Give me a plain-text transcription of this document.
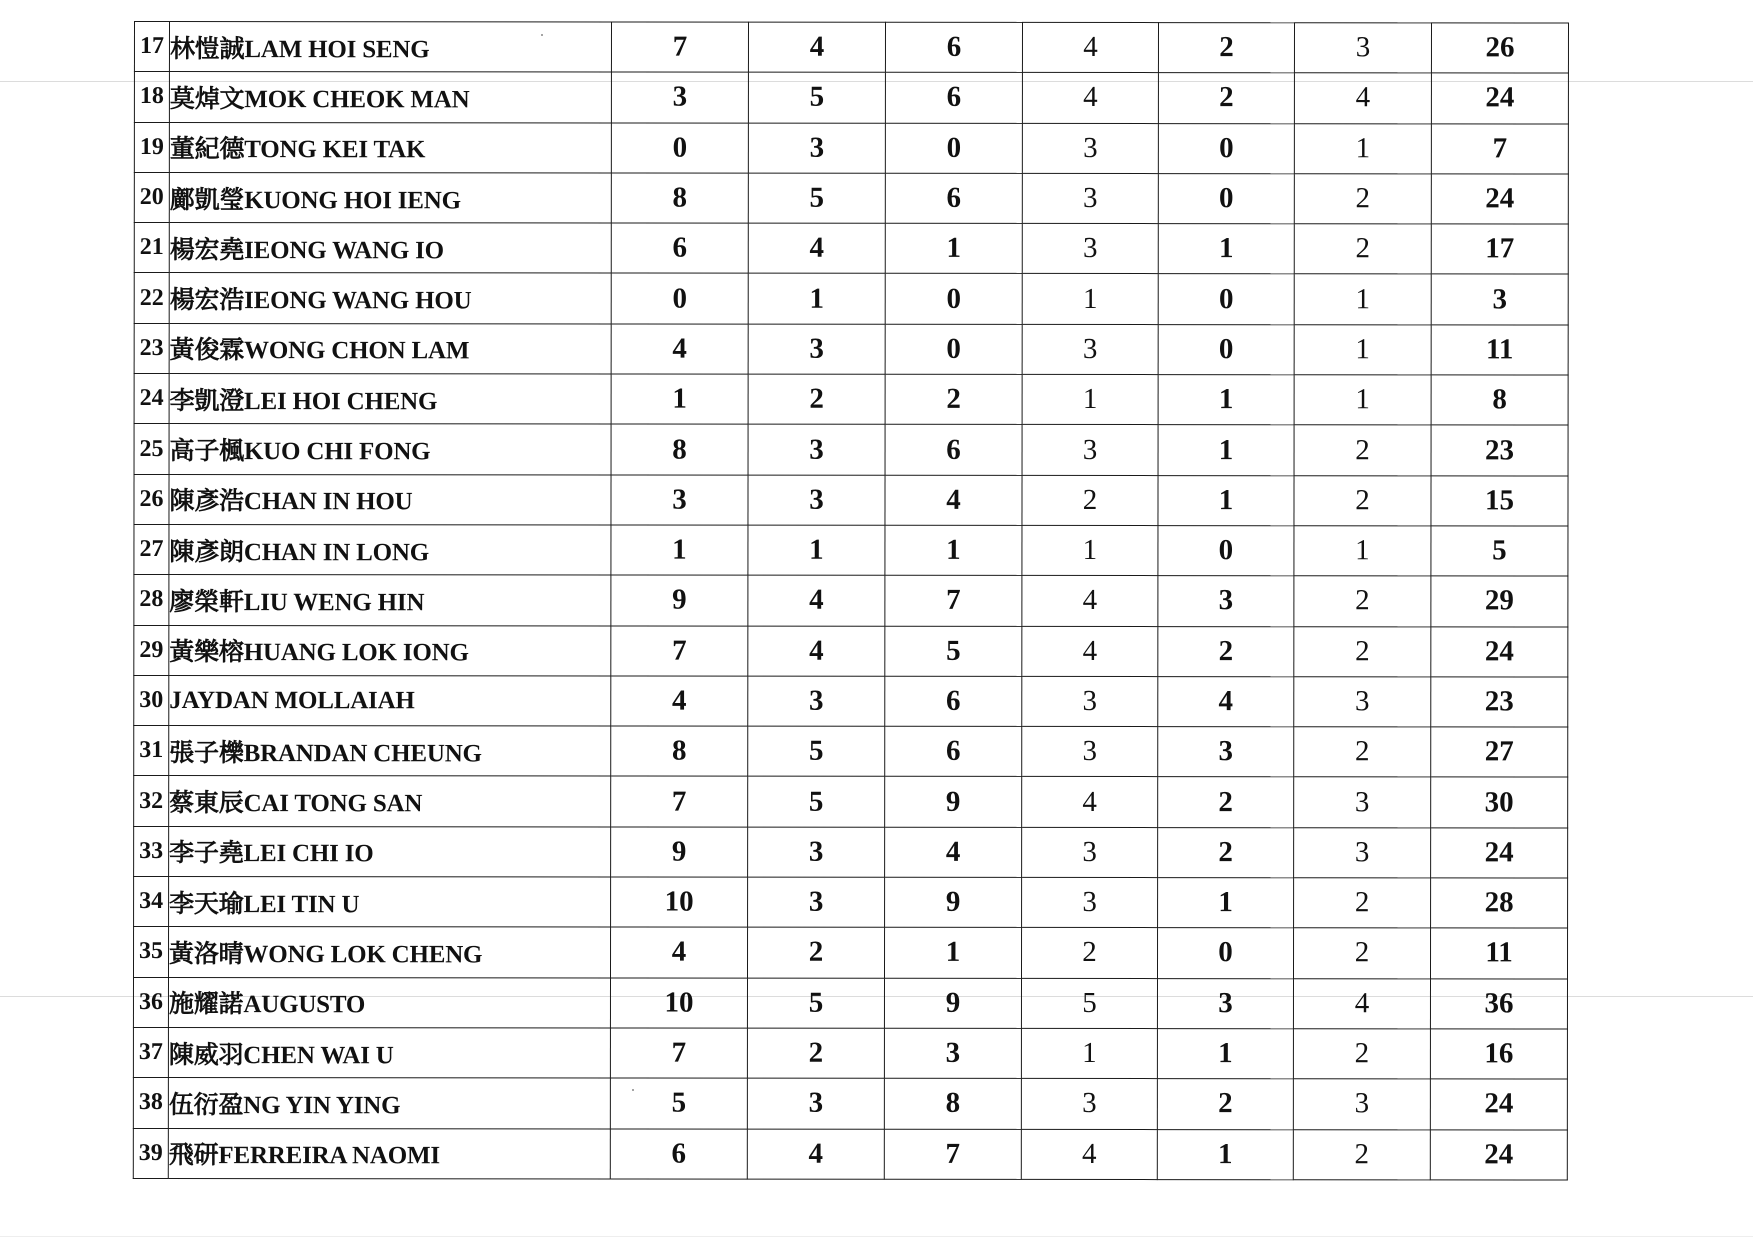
17	林愷誠LAM HOI SENG	7	4	6	4	2	3	26
18	莫焯文MOK CHEOK MAN	3	5	6	4	2	4	24
19	董紀德TONG KEI TAK	0	3	0	3	0	1	7
20	鄺凱瑩KUONG HOI IENG	8	5	6	3	0	2	24
21	楊宏堯IEONG WANG IO	6	4	1	3	1	2	17
22	楊宏浩IEONG WANG HOU	0	1	0	1	0	1	3
23	黃俊霖WONG CHON LAM	4	3	0	3	0	1	11
24	李凱澄LEI HOI CHENG	1	2	2	1	1	1	8
25	高子楓KUO CHI FONG	8	3	6	3	1	2	23
26	陳彥浩CHAN IN HOU	3	3	4	2	1	2	15
27	陳彥朗CHAN IN LONG	1	1	1	1	0	1	5
28	廖榮軒LIU WENG HIN	9	4	7	4	3	2	29
29	黃樂榕HUANG LOK IONG	7	4	5	4	2	2	24
30	JAYDAN MOLLAIAH	4	3	6	3	4	3	23
31	張子櫟BRANDAN CHEUNG	8	5	6	3	3	2	27
32	蔡東辰CAI TONG SAN	7	5	9	4	2	3	30
33	李子堯LEI CHI IO	9	3	4	3	2	3	24
34	李天瑜LEI TIN U	10	3	9	3	1	2	28
35	黃洛晴WONG LOK CHENG	4	2	1	2	0	2	11
36	施耀諾AUGUSTO	10	5	9	5	3	4	36
37	陳威羽CHEN WAI U	7	2	3	1	1	2	16
38	伍衍盈NG YIN YING	5	3	8	3	2	3	24
39	飛研FERREIRA NAOMI	6	4	7	4	1	2	24
